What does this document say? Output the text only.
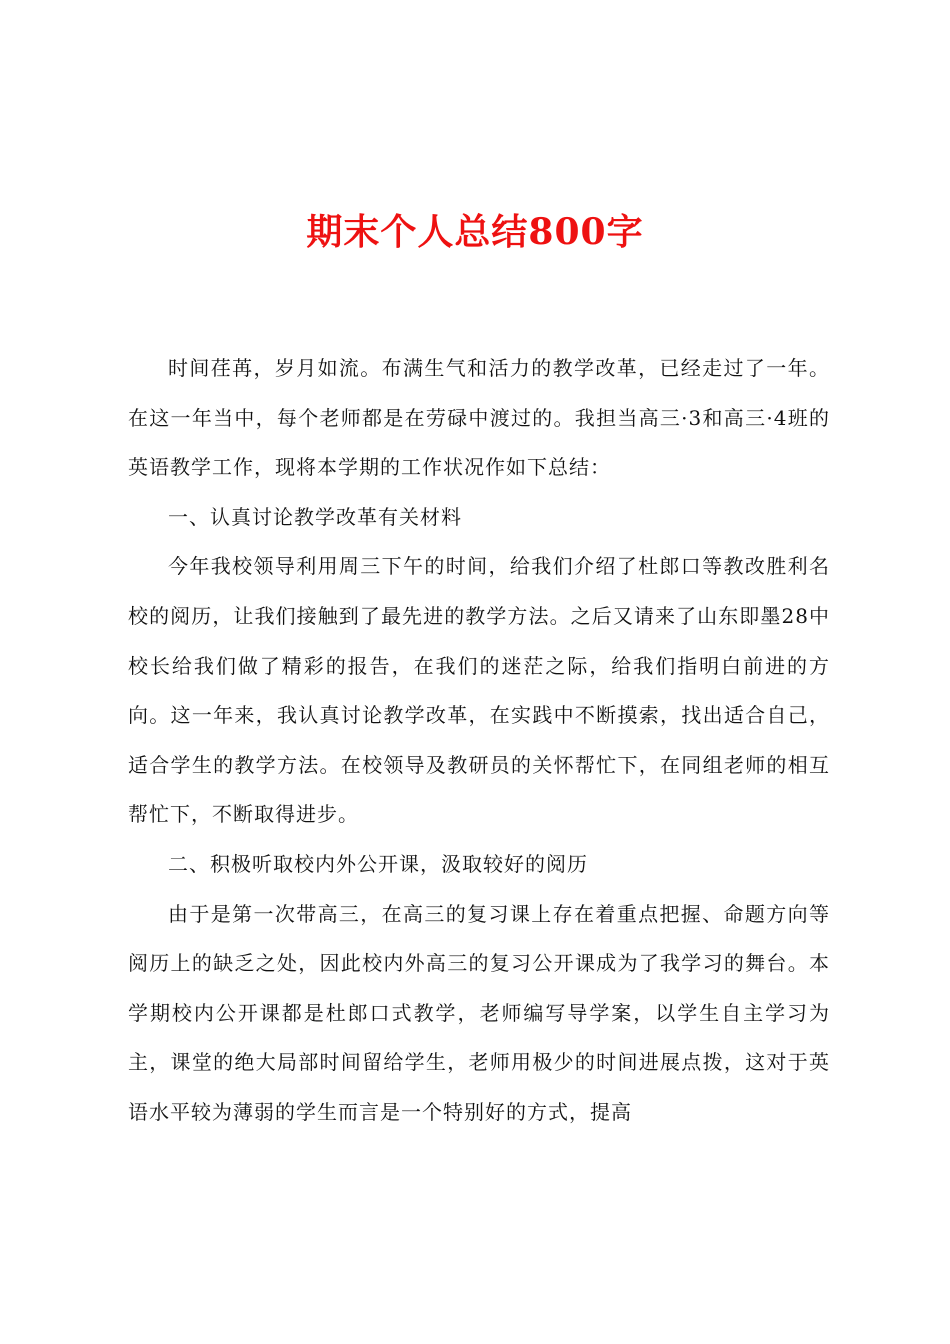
期末个人总结800字

时间荏苒，岁月如流。布满生气和活力的教学改革，已经走过了一年。在这一年当中，每个老师都是在劳碌中渡过的。我担当高三·3和高三·4班的英语教学工作，现将本学期的工作状况作如下总结：

一、认真讨论教学改革有关材料

今年我校领导利用周三下午的时间，给我们介绍了杜郎口等教改胜利名校的阅历，让我们接触到了最先进的教学方法。之后又请来了山东即墨28中校长给我们做了精彩的报告，在我们的迷茫之际，给我们指明白前进的方向。这一年来，我认真讨论教学改革，在实践中不断摸索，找出适合自己，适合学生的教学方法。在校领导及教研员的关怀帮忙下，在同组老师的相互帮忙下，不断取得进步。

二、积极听取校内外公开课，汲取较好的阅历

由于是第一次带高三，在高三的复习课上存在着重点把握、命题方向等阅历上的缺乏之处，因此校内外高三的复习公开课成为了我学习的舞台。本学期校内公开课都是杜郎口式教学，老师编写导学案，以学生自主学习为主，课堂的绝大局部时间留给学生，老师用极少的时间进展点拨，这对于英语水平较为薄弱的学生而言是一个特别好的方式，提高
